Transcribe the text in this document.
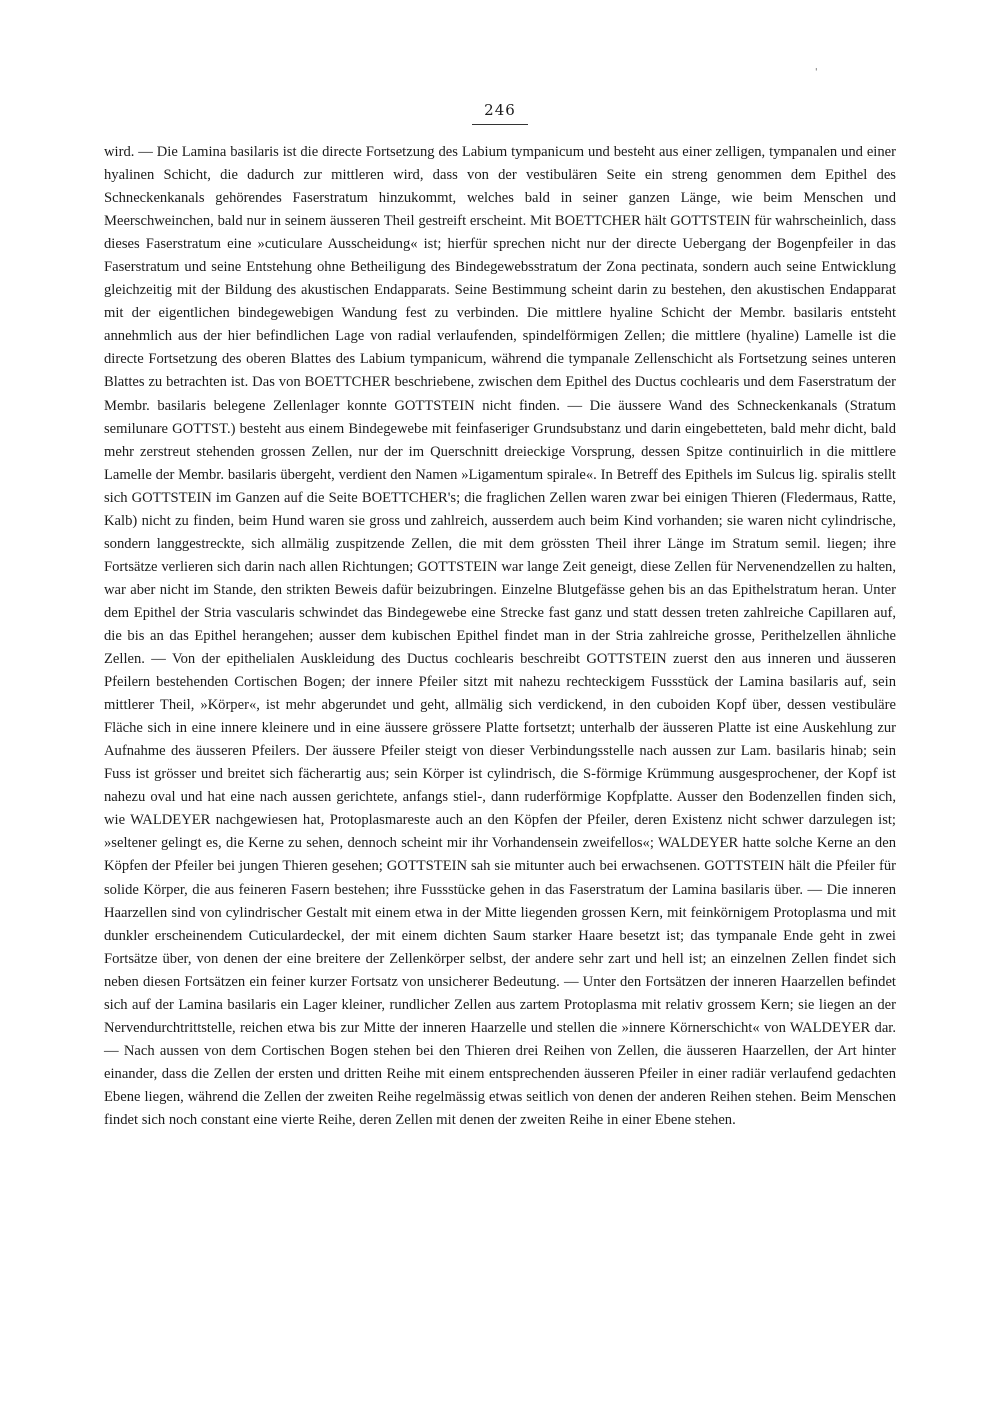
'
246

wird. — Die Lamina basilaris ist die directe Fortsetzung des Labium tympanicum und besteht aus einer zelligen, tympanalen und einer hyalinen Schicht, die dadurch zur mittleren wird, dass von der vestibulären Seite ein streng genommen dem Epithel des Schneckenkanals gehörendes Faserstratum hinzukommt, welches bald in seiner ganzen Länge, wie beim Menschen und Meerschweinchen, bald nur in seinem äusseren Theil gestreift erscheint. Mit BOETTCHER hält GOTTSTEIN für wahrscheinlich, dass dieses Faserstratum eine »cuticulare Ausscheidung« ist; hierfür sprechen nicht nur der directe Uebergang der Bogenpfeiler in das Faserstratum und seine Entstehung ohne Betheiligung des Bindegewebsstratum der Zona pectinata, sondern auch seine Entwicklung gleichzeitig mit der Bildung des akustischen Endapparats. Seine Bestimmung scheint darin zu bestehen, den akustischen Endapparat mit der eigentlichen bindegewebigen Wandung fest zu verbinden. Die mittlere hyaline Schicht der Membr. basilaris entsteht annehmlich aus der hier befindlichen Lage von radial verlaufenden, spindelförmigen Zellen; die mittlere (hyaline) Lamelle ist die directe Fortsetzung des oberen Blattes des Labium tympanicum, während die tympanale Zellenschicht als Fortsetzung seines unteren Blattes zu betrachten ist. Das von BOETTCHER beschriebene, zwischen dem Epithel des Ductus cochlearis und dem Faserstratum der Membr. basilaris belegene Zellenlager konnte GOTTSTEIN nicht finden. — Die äussere Wand des Schneckenkanals (Stratum semilunare GOTTST.) besteht aus einem Bindegewebe mit feinfaseriger Grundsubstanz und darin eingebetteten, bald mehr dicht, bald mehr zerstreut stehenden grossen Zellen, nur der im Querschnitt dreieckige Vorsprung, dessen Spitze continuirlich in die mittlere Lamelle der Membr. basilaris übergeht, verdient den Namen »Ligamentum spirale«. In Betreff des Epithels im Sulcus lig. spiralis stellt sich GOTTSTEIN im Ganzen auf die Seite BOETTCHER's; die fraglichen Zellen waren zwar bei einigen Thieren (Fledermaus, Ratte, Kalb) nicht zu finden, beim Hund waren sie gross und zahlreich, ausserdem auch beim Kind vorhanden; sie waren nicht cylindrische, sondern langgestreckte, sich allmälig zuspitzende Zellen, die mit dem grössten Theil ihrer Länge im Stratum semil. liegen; ihre Fortsätze verlieren sich darin nach allen Richtungen; GOTTSTEIN war lange Zeit geneigt, diese Zellen für Nervenendzellen zu halten, war aber nicht im Stande, den strikten Beweis dafür beizubringen. Einzelne Blutgefässe gehen bis an das Epithelstratum heran. Unter dem Epithel der Stria vascularis schwindet das Bindegewebe eine Strecke fast ganz und statt dessen treten zahlreiche Capillaren auf, die bis an das Epithel herangehen; ausser dem kubischen Epithel findet man in der Stria zahlreiche grosse, Perithelzellen ähnliche Zellen. — Von der epithelialen Auskleidung des Ductus cochlearis beschreibt GOTTSTEIN zuerst den aus inneren und äusseren Pfeilern bestehenden Cortischen Bogen; der innere Pfeiler sitzt mit nahezu rechteckigem Fussstück der Lamina basilaris auf, sein mittlerer Theil, »Körper«, ist mehr abgerundet und geht, allmälig sich verdickend, in den cuboiden Kopf über, dessen vestibuläre Fläche sich in eine innere kleinere und in eine äussere grössere Platte fortsetzt; unterhalb der äusseren Platte ist eine Auskehlung zur Aufnahme des äusseren Pfeilers. Der äussere Pfeiler steigt von dieser Verbindungsstelle nach aussen zur Lam. basilaris hinab; sein Fuss ist grösser und breitet sich fächerartig aus; sein Körper ist cylindrisch, die S-förmige Krümmung ausgesprochener, der Kopf ist nahezu oval und hat eine nach aussen gerichtete, anfangs stiel-, dann ruderförmige Kopfplatte. Ausser den Bodenzellen finden sich, wie WALDEYER nachgewiesen hat, Protoplasmareste auch an den Köpfen der Pfeiler, deren Existenz nicht schwer darzulegen ist; »seltener gelingt es, die Kerne zu sehen, dennoch scheint mir ihr Vorhandensein zweifellos«; WALDEYER hatte solche Kerne an den Köpfen der Pfeiler bei jungen Thieren gesehen; GOTTSTEIN sah sie mitunter auch bei erwachsenen. GOTTSTEIN hält die Pfeiler für solide Körper, die aus feineren Fasern bestehen; ihre Fussstücke gehen in das Faserstratum der Lamina basilaris über. — Die inneren Haarzellen sind von cylindrischer Gestalt mit einem etwa in der Mitte liegenden grossen Kern, mit feinkörnigem Protoplasma und mit dunkler erscheinendem Cuticulardeckel, der mit einem dichten Saum starker Haare besetzt ist; das tympanale Ende geht in zwei Fortsätze über, von denen der eine breitere der Zellenkörper selbst, der andere sehr zart und hell ist; an einzelnen Zellen findet sich neben diesen Fortsätzen ein feiner kurzer Fortsatz von unsicherer Bedeutung. — Unter den Fortsätzen der inneren Haarzellen befindet sich auf der Lamina basilaris ein Lager kleiner, rundlicher Zellen aus zartem Protoplasma mit relativ grossem Kern; sie liegen an der Nervendurchtrittstelle, reichen etwa bis zur Mitte der inneren Haarzelle und stellen die »innere Körnerschicht« von WALDEYER dar. — Nach aussen von dem Cortischen Bogen stehen bei den Thieren drei Reihen von Zellen, die äusseren Haarzellen, der Art hinter einander, dass die Zellen der ersten und dritten Reihe mit einem entsprechenden äusseren Pfeiler in einer radiär verlaufend gedachten Ebene liegen, während die Zellen der zweiten Reihe regelmässig etwas seitlich von denen der anderen Reihen stehen. Beim Menschen findet sich noch constant eine vierte Reihe, deren Zellen mit denen der zweiten Reihe in einer Ebene stehen.
